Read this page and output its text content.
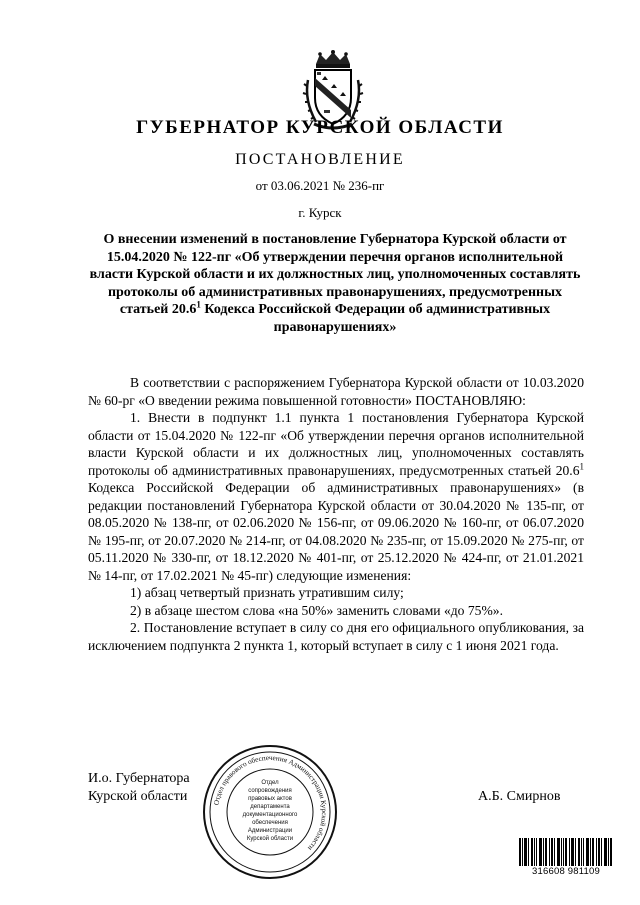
ГУБЕРНАТОР КУРСКОЙ ОБЛАСТИ
ПОСТАНОВЛЕНИЕ
от 03.06.2021 № 236-пг
г. Курск
О внесении изменений в постановление Губернатора Курской области от 15.04.2020 № 122-пг «Об утверждении перечня органов исполнительной власти Курской области и их должностных лиц, уполномоченных составлять протоколы об административных правонарушениях, предусмотренных статьей 20.6$^1$ Кодекса Российской Федерации об административных правонарушениях»

В соответствии с распоряжением Губернатора Курской области от 10.03.2020 № 60-рг «О введении режима повышенной готовности» ПОСТАНОВЛЯЮ:

1. Внести в подпункт 1.1 пункта 1 постановления Губернатора Курской области от 15.04.2020 № 122-пг «Об утверждении перечня органов исполнительной власти Курской области и их должностных лиц, уполномоченных составлять протоколы об административных правонарушениях, предусмотренных статьей 20.6$^1$ Кодекса Российской Федерации об административных правонарушениях» (в редакции постановлений Губернатора Курской области от 30.04.2020 № 135-пг, от 08.05.2020 № 138-пг, от 02.06.2020 № 156-пг, от 09.06.2020 № 160-пг, от 06.07.2020 № 195-пг, от 20.07.2020 № 214-пг, от 04.08.2020 № 235-пг, от 15.09.2020 № 275-пг, от 05.11.2020 № 330-пг, от 18.12.2020 № 401-пг, от 25.12.2020 № 424-пг, от 21.01.2021 № 14-пг, от 17.02.2021 № 45-пг) следующие изменения:

1) абзац четвертый признать утратившим силу;

2) в абзаце шестом слова «на 50%» заменить словами «до 75%».

2. Постановление вступает в силу со дня его официального опубликования, за исключением подпункта 2 пункта 1, который вступает в силу с 1 июня 2021 года.

И.о. Губернатора
Курской области	А.Б. Смирнов
Отдел правового обеспечения Администрации Курской области
Отдел
сопровождения
правовых актов
департамента
документационного
обеспечения
Администрации
Курской области
316608 981109
